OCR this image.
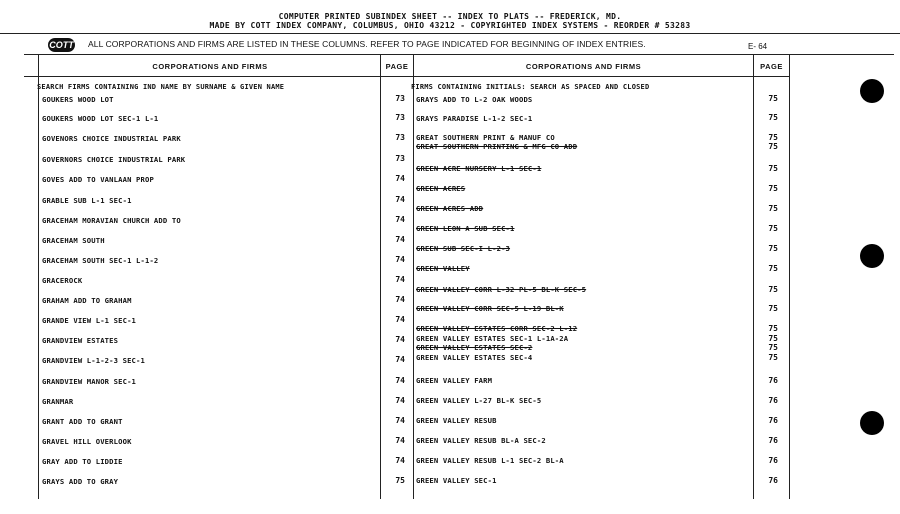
COMPUTER PRINTED SUBINDEX SHEET -- INDEX TO PLATS -- FREDERICK, MD.
MADE BY COTT INDEX COMPANY, COLUMBUS, OHIO 43212 - COPYRIGHTED INDEX SYSTEMS - REORDER # 53283
COTT ALL CORPORATIONS AND FIRMS ARE LISTED IN THESE COLUMNS. REFER TO PAGE INDICATED FOR BEGINNING OF INDEX ENTRIES.	E- 64
CORPORATIONS AND FIRMS	PAGE	CORPORATIONS AND FIRMS	PAGE
SEARCH FIRMS CONTAINING IND NAME BY SURNAME & GIVEN NAME	FIRMS CONTAINING INITIALS: SEARCH AS SPACED AND CLOSED
GOUKERS WOOD LOT	73
GOUKERS WOOD LOT SEC-1 L-1	73
GOVENORS CHOICE INDUSTRIAL PARK	73
GOVERNORS CHOICE INDUSTRIAL PARK	73
GOVES ADD TO VANLAAN PROP	74
GRABLE SUB L-1 SEC-1	74
GRACEHAM MORAVIAN CHURCH ADD TO	74
GRACEHAM SOUTH	74
GRACEHAM SOUTH SEC-1 L-1-2	74
GRACEROCK	74
GRAHAM ADD TO GRAHAM	74
GRANDE VIEW L-1 SEC-1	74
GRANDVIEW ESTATES	74
GRANDVIEW L-1-2-3 SEC-1	74
GRANDVIEW MANOR SEC-1	74
GRANMAR	74
GRANT ADD TO GRANT	74
GRAVEL HILL OVERLOOK	74
GRAY ADD TO LIDDIE	74
GRAYS ADD TO GRAY	75
GRAYS ADD TO L-2 OAK WOODS	75
GRAYS PARADISE L-1-2 SEC-1	75
GREAT SOUTHERN PRINT & MANUF CO	75
GREAT SOUTHERN PRINTING & MFG CO ADD	75
GREEN ACRE NURSERY L-1 SEC-1	75
GREEN ACRES	75
GREEN ACRES ADD	75
GREEN LEON A SUB SEC-1	75
GREEN SUB SEC-I L-2-3	75
GREEN VALLEY	75
GREEN VALLEY CORR L-32 PL-5 BL-K SEC-5	75
GREEN VALLEY CORR SEC-5 L-19 BL-K	75
GREEN VALLEY ESTATES CORR SEC-2 L-12	75
GREEN VALLEY ESTATES SEC-1 L-1A-2A	75
GREEN VALLEY ESTATES SEC-2	75
GREEN VALLEY ESTATES SEC-4	75
GREEN VALLEY FARM	76
GREEN VALLEY L-27 BL-K SEC-5	76
GREEN VALLEY RESUB	76
GREEN VALLEY RESUB BL-A SEC-2	76
GREEN VALLEY RESUB L-1 SEC-2 BL-A	76
GREEN VALLEY SEC-1	76
